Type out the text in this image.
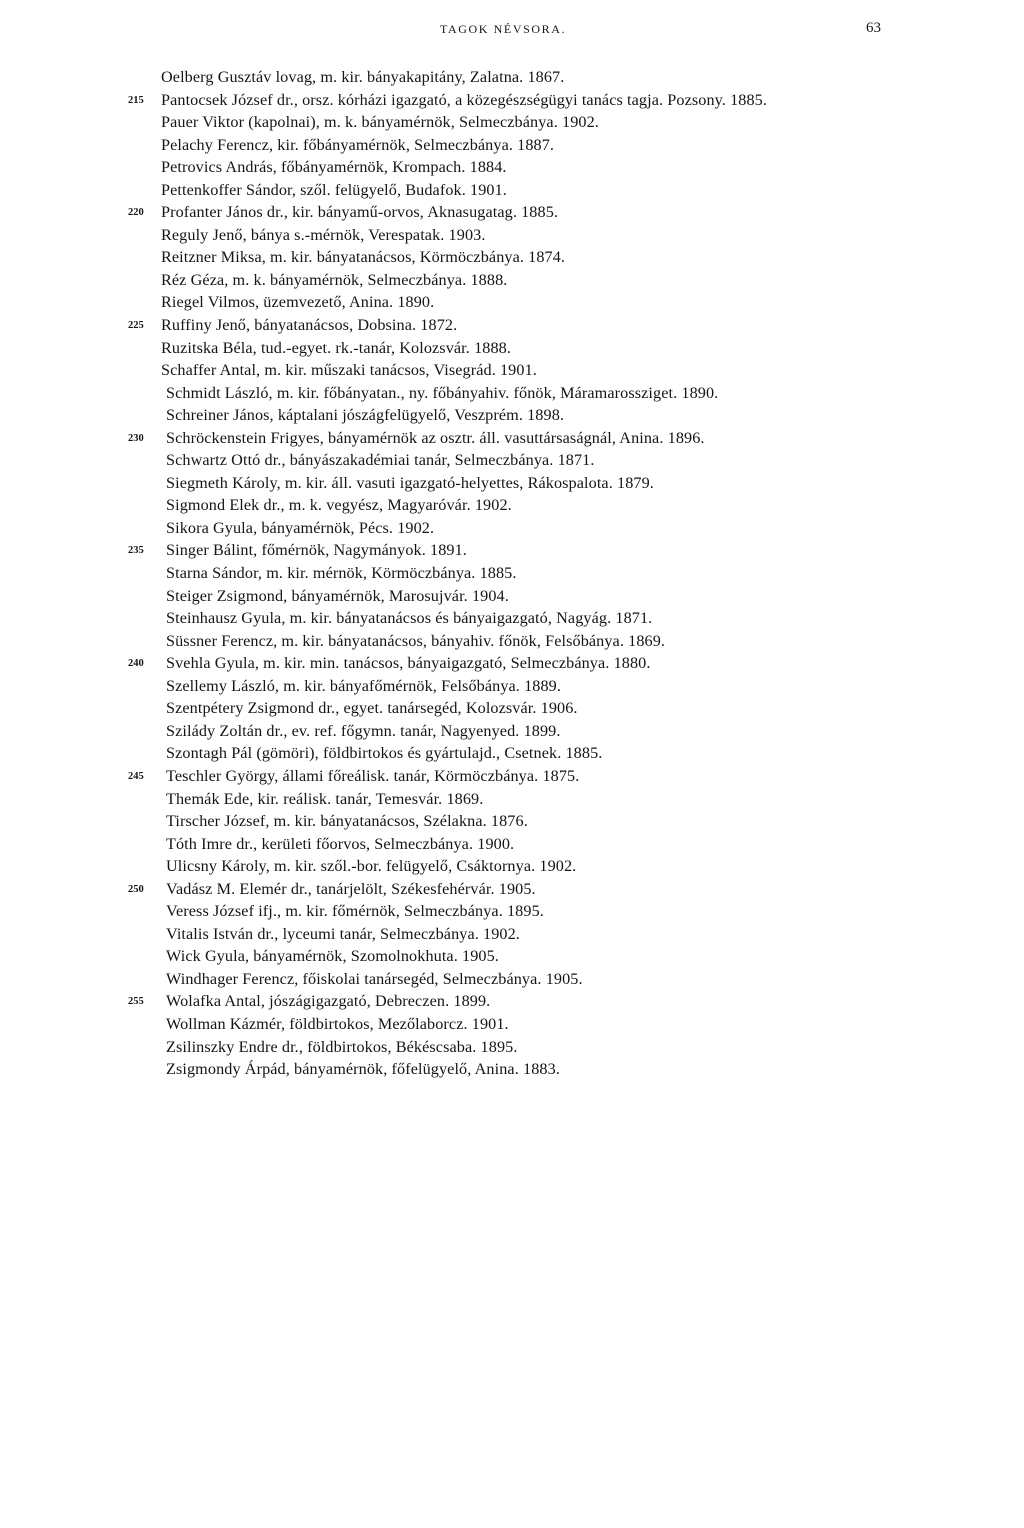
TAGOK NÉVSORA.	63
Oelberg Gusztáv lovag, m. kir. bányakapitány, Zalatna. 1867.
215	Pantocsek József dr., orsz. kórházi igazgató, a közegészségügyi tanács tagja. Pozsony. 1885.
Pauer Viktor (kapolnai), m. k. bányamérnök, Selmeczbánya. 1902.
Pelachy Ferencz, kir. főbányamérnök, Selmeczbánya. 1887.
Petrovics András, főbányamérnök, Krompach. 1884.
Pettenkoffer Sándor, szől. felügyelő, Budafok. 1901.
220	Profanter János dr., kir. bányamű-orvos, Aknasugatag. 1885.
Reguly Jenő, bánya s.-mérnök, Verespatak. 1903.
Reitzner Miksa, m. kir. bányatanácsos, Körmöczbánya. 1874.
Réz Géza, m. k. bányamérnök, Selmeczbánya. 1888.
Riegel Vilmos, üzemvezető, Anina. 1890.
225	Ruffiny Jenő, bányatanácsos, Dobsina. 1872.
Ruzitska Béla, tud.-egyet. rk.-tanár, Kolozsvár. 1888.
Schaffer Antal, m. kir. műszaki tanácsos, Visegrád. 1901.
Schmidt László, m. kir. főbányatan., ny. főbányahiv. főnök, Máramarossziget. 1890.
Schreiner János, káptalani jószágfelügyelő, Veszprém. 1898.
230	Schröckenstein Frigyes, bányamérnök az osztr. áll. vasuttársaságnál, Anina. 1896.
Schwartz Ottó dr., bányászakadémiai tanár, Selmeczbánya. 1871.
Siegmeth Károly, m. kir. áll. vasuti igazgató-helyettes, Rákospalota. 1879.
Sigmond Elek dr., m. k. vegyész, Magyaróvár. 1902.
Sikora Gyula, bányamérnök, Pécs. 1902.
235	Singer Bálint, főmérnök, Nagymányok. 1891.
Starna Sándor, m. kir. mérnök, Körmöczbánya. 1885.
Steiger Zsigmond, bányamérnök, Marosujvár. 1904.
Steinhausz Gyula, m. kir. bányatanácsos és bányaigazgató, Nagyág. 1871.
Süssner Ferencz, m. kir. bányatanácsos, bányahiv. főnök, Felsőbánya. 1869.
240	Svehla Gyula, m. kir. min. tanácsos, bányaigazgató, Selmeczbánya. 1880.
Szellemy László, m. kir. bányafőmérnök, Felsőbánya. 1889.
Szentpétery Zsigmond dr., egyet. tanársegéd, Kolozsvár. 1906.
Sziládу Zoltán dr., ev. ref. főgymn. tanár, Nagyenyed. 1899.
Szontagh Pál (gömöri), földbirtokos és gyártulajd., Csetnek. 1885.
245	Teschler György, állami főreálisk. tanár, Körmöczbánya. 1875.
Themák Ede, kir. reálisk. tanár, Temesvár. 1869.
Tirscher József, m. kir. bányatanácsos, Szélakna. 1876.
Tóth Imre dr., kerületi főorvos, Selmeczbánya. 1900.
Ulicsny Károly, m. kir. szől.-bor. felügyelő, Csáktornya. 1902.
250	Vadász M. Elemér dr., tanárjelölt, Székesfehérvár. 1905.
Veress József ifj., m. kir. főmérnök, Selmeczbánya. 1895.
Vitalis István dr., lyceumi tanár, Selmeczbánya. 1902.
Wick Gyula, bányamérnök, Szomolnokhuta. 1905.
Windhager Ferencz, főiskolai tanársegéd, Selmeczbánya. 1905.
255	Wolafka Antal, jószágigazgató, Debreczen. 1899.
Wollman Kázmér, földbirtokos, Mezőlaborcz. 1901.
Zsilinszky Endre dr., földbirtokos, Békéscsaba. 1895.
Zsigmondy Árpád, bányamérnök, főfelügyelő, Anina. 1883.
